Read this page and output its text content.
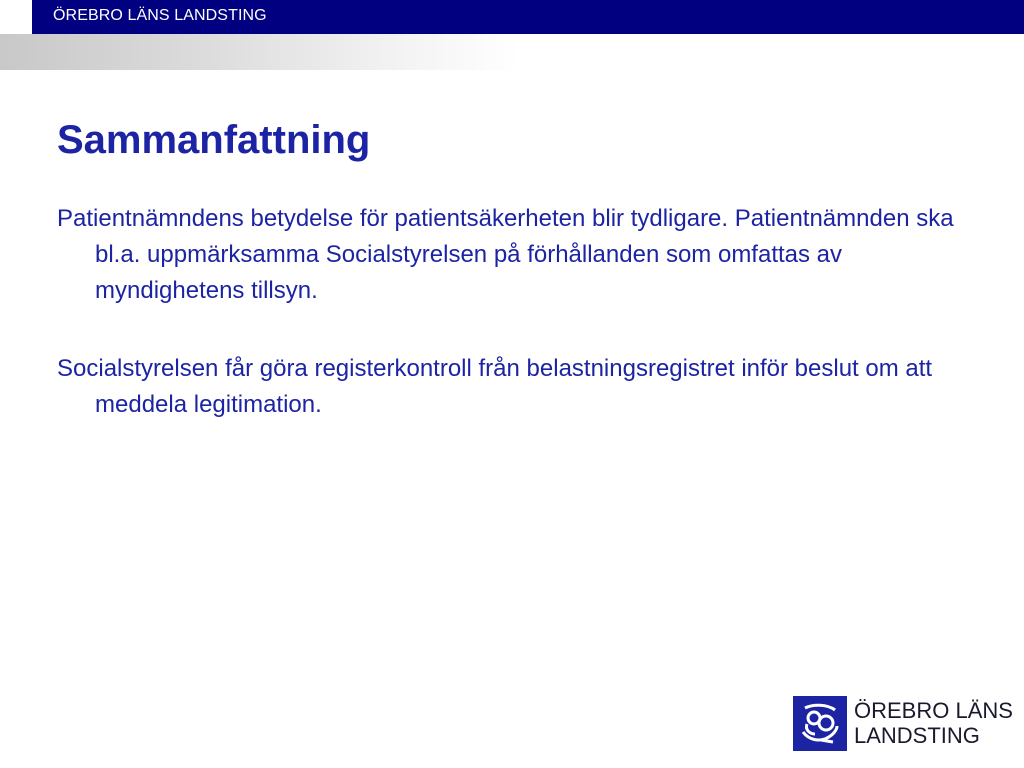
ÖREBRO LÄNS LANDSTING
Sammanfattning

Patientnämndens betydelse för patientsäkerheten blir tydligare. Patientnämnden ska bl.a. uppmärksamma Socialstyrelsen på förhållanden som omfattas av myndighetens tillsyn.

Socialstyrelsen får göra registerkontroll från belastningsregistret inför beslut om att meddela legitimation.

ÖREBRO LÄNS
LANDSTING
